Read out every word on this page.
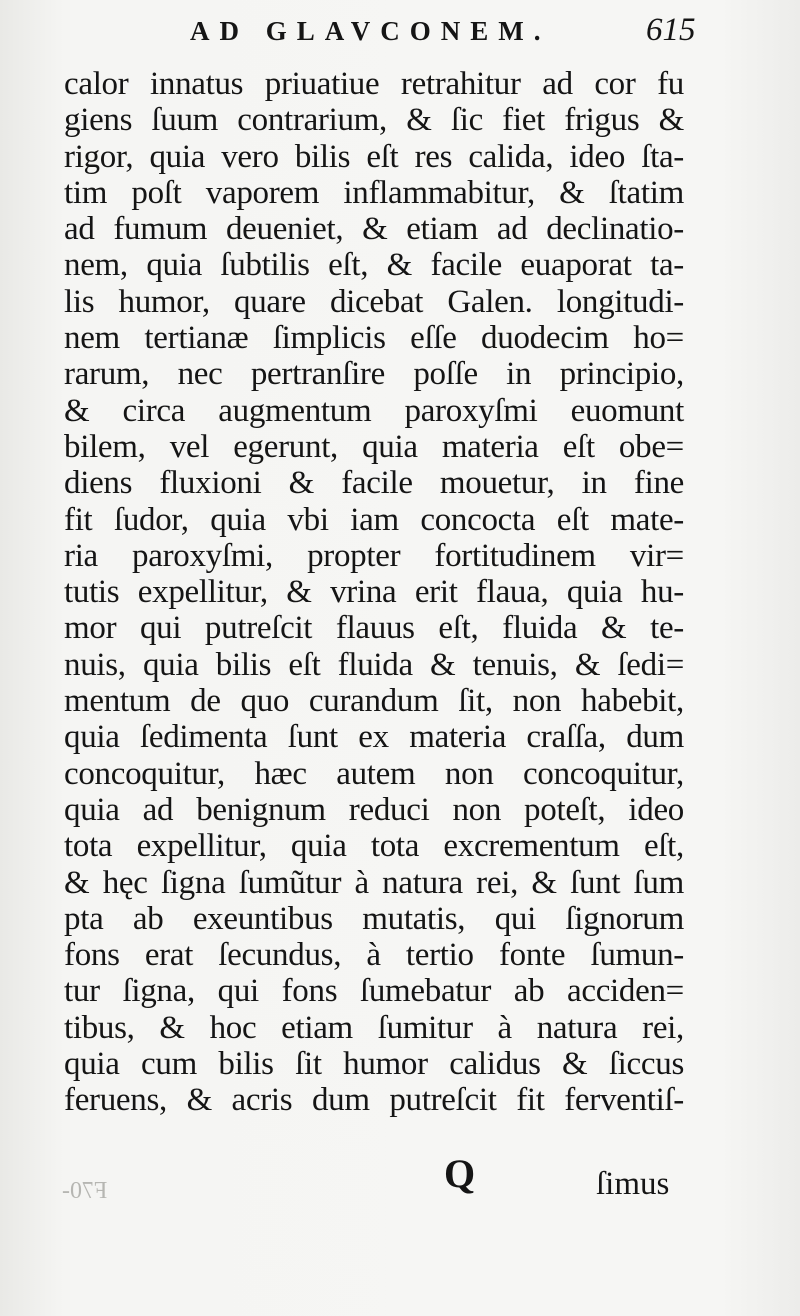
AD GLAVCONEM.	615
calor innatus priuatiue retrahitur ad cor fu
giens ſuum contrarium, & ſic fiet frigus &
rigor, quia vero bilis eſt res calida, ideo ſta-
tim poſt vaporem inflammabitur, & ſtatim
ad fumum deueniet, & etiam ad declinatio-
nem, quia ſubtilis eſt, & facile euaporat ta-
lis humor, quare dicebat Galen. longitudi-
nem tertianæ ſimplicis eſſe duodecim ho=
rarum, nec pertranſire poſſe in principio,
& circa augmentum paroxyſmi euomunt
bilem, vel egerunt, quia materia eſt obe=
diens fluxioni & facile mouetur, in fine
fit ſudor, quia vbi iam concocta eſt mate-
ria paroxyſmi, propter fortitudinem vir=
tutis expellitur, & vrina erit flaua, quia hu-
mor qui putreſcit flauus eſt, fluida & te-
nuis, quia bilis eſt fluida & tenuis, & ſedi=
mentum de quo curandum ſit, non habebit,
quia ſedimenta ſunt ex materia craſſa, dum
concoquitur, hæc autem non concoquitur,
quia ad benignum reduci non poteſt, ideo
tota expellitur, quia tota excrementum eſt,
& hęc ſigna ſumũtur à natura rei, & ſunt ſum
pta ab exeuntibus mutatis, qui ſignorum
fons erat ſecundus, à tertio fonte ſumun-
tur ſigna, qui fons ſumebatur ab acciden=
tibus, & hoc etiam ſumitur à natura rei,
quia cum bilis ſit humor calidus & ſiccus
feruens, & acris dum putreſcit fit ferventiſ-
F70-	Q	ſimus
